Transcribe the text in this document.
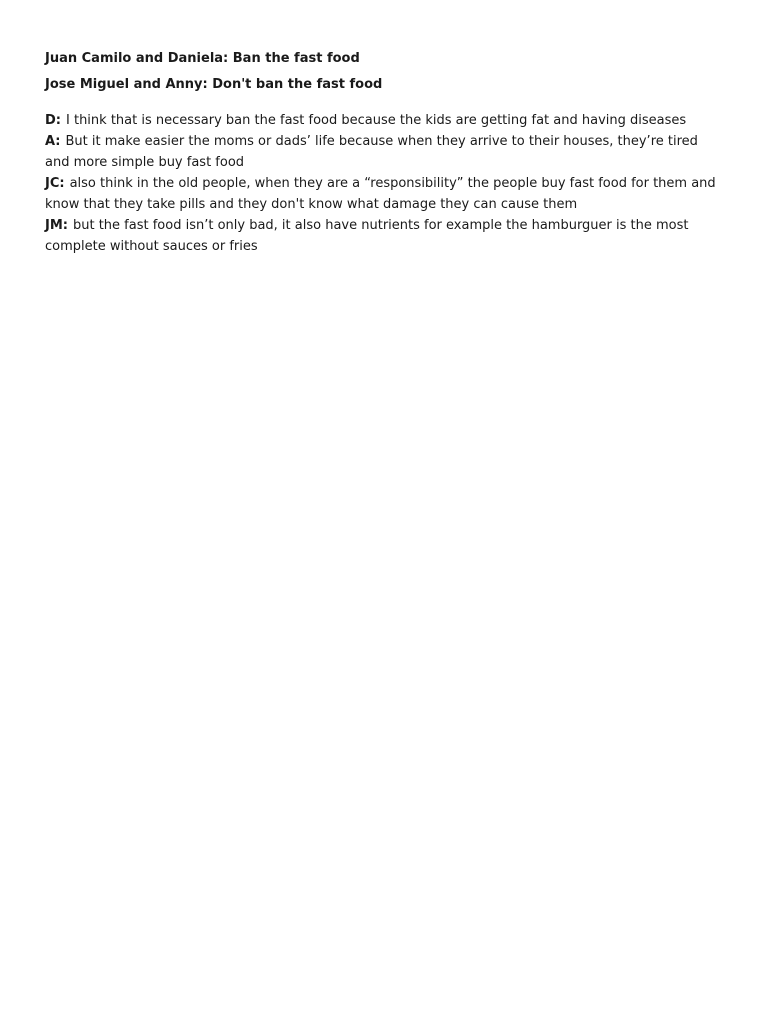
Juan Camilo and Daniela: Ban the fast food
Jose Miguel and Anny: Don't ban the fast food
D: I think that is necessary ban the fast food because the kids are getting fat and having diseases
A: But it make easier the moms or dads’ life because when they arrive to their houses, they’re tired and more simple buy fast food
JC: also think in the old people, when they are a “responsibility” the people buy fast food for them and know that they take pills and they don't know what damage they can cause them
JM: but the fast food isn’t only bad, it also have nutrients for example the hamburguer is the most complete without sauces or fries
